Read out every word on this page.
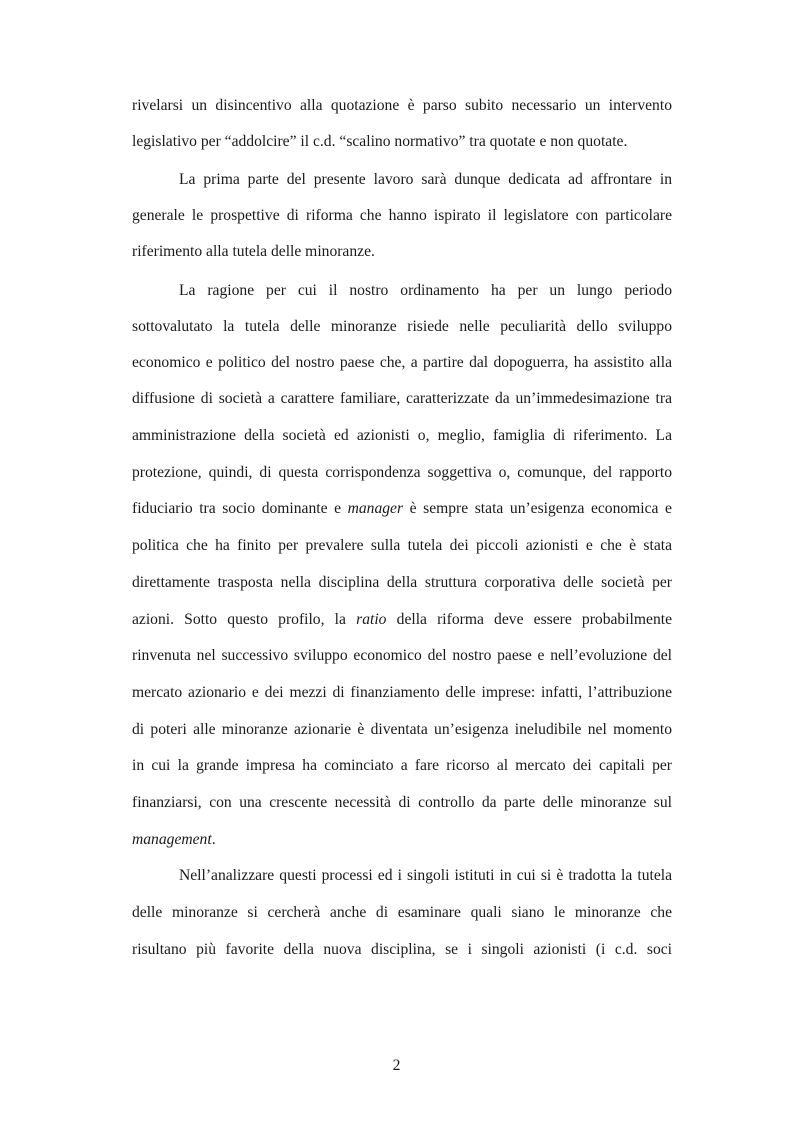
rivelarsi un disincentivo alla quotazione è parso subito necessario un intervento
legislativo per “addolcire” il c.d. “scalino normativo” tra quotate e non quotate.
La prima parte del presente lavoro sarà dunque dedicata ad affrontare in
generale le prospettive di riforma che hanno ispirato il legislatore con particolare
riferimento alla tutela delle minoranze.
La ragione per cui il nostro ordinamento ha per un lungo periodo
sottovalutato la tutela delle minoranze risiede nelle peculiarità dello sviluppo
economico e politico del nostro paese che, a partire dal dopoguerra, ha assistito alla
diffusione di società a carattere familiare, caratterizzate da un’immedesimazione tra
amministrazione della società ed azionisti o, meglio, famiglia di riferimento. La
protezione, quindi, di questa corrispondenza soggettiva o, comunque, del rapporto
fiduciario tra socio dominante e manager è sempre stata un’esigenza economica e
politica che ha finito per prevalere sulla tutela dei piccoli azionisti e che è stata
direttamente trasposta nella disciplina della struttura corporativa delle società per
azioni. Sotto questo profilo, la ratio della riforma deve essere probabilmente
rinvenuta nel successivo sviluppo economico del nostro paese e nell’evoluzione del
mercato azionario e dei mezzi di finanziamento delle imprese: infatti, l’attribuzione
di poteri alle minoranze azionarie è diventata un’esigenza ineludibile nel momento
in cui la grande impresa ha cominciato a fare ricorso al mercato dei capitali per
finanziarsi, con una crescente necessità di controllo da parte delle minoranze sul
management.
Nell’analizzare questi processi ed i singoli istituti in cui si è tradotta la tutela
delle minoranze si cercherà anche di esaminare quali siano le minoranze che
risultano più favorite della nuova disciplina, se i singoli azionisti (i c.d. soci
2
